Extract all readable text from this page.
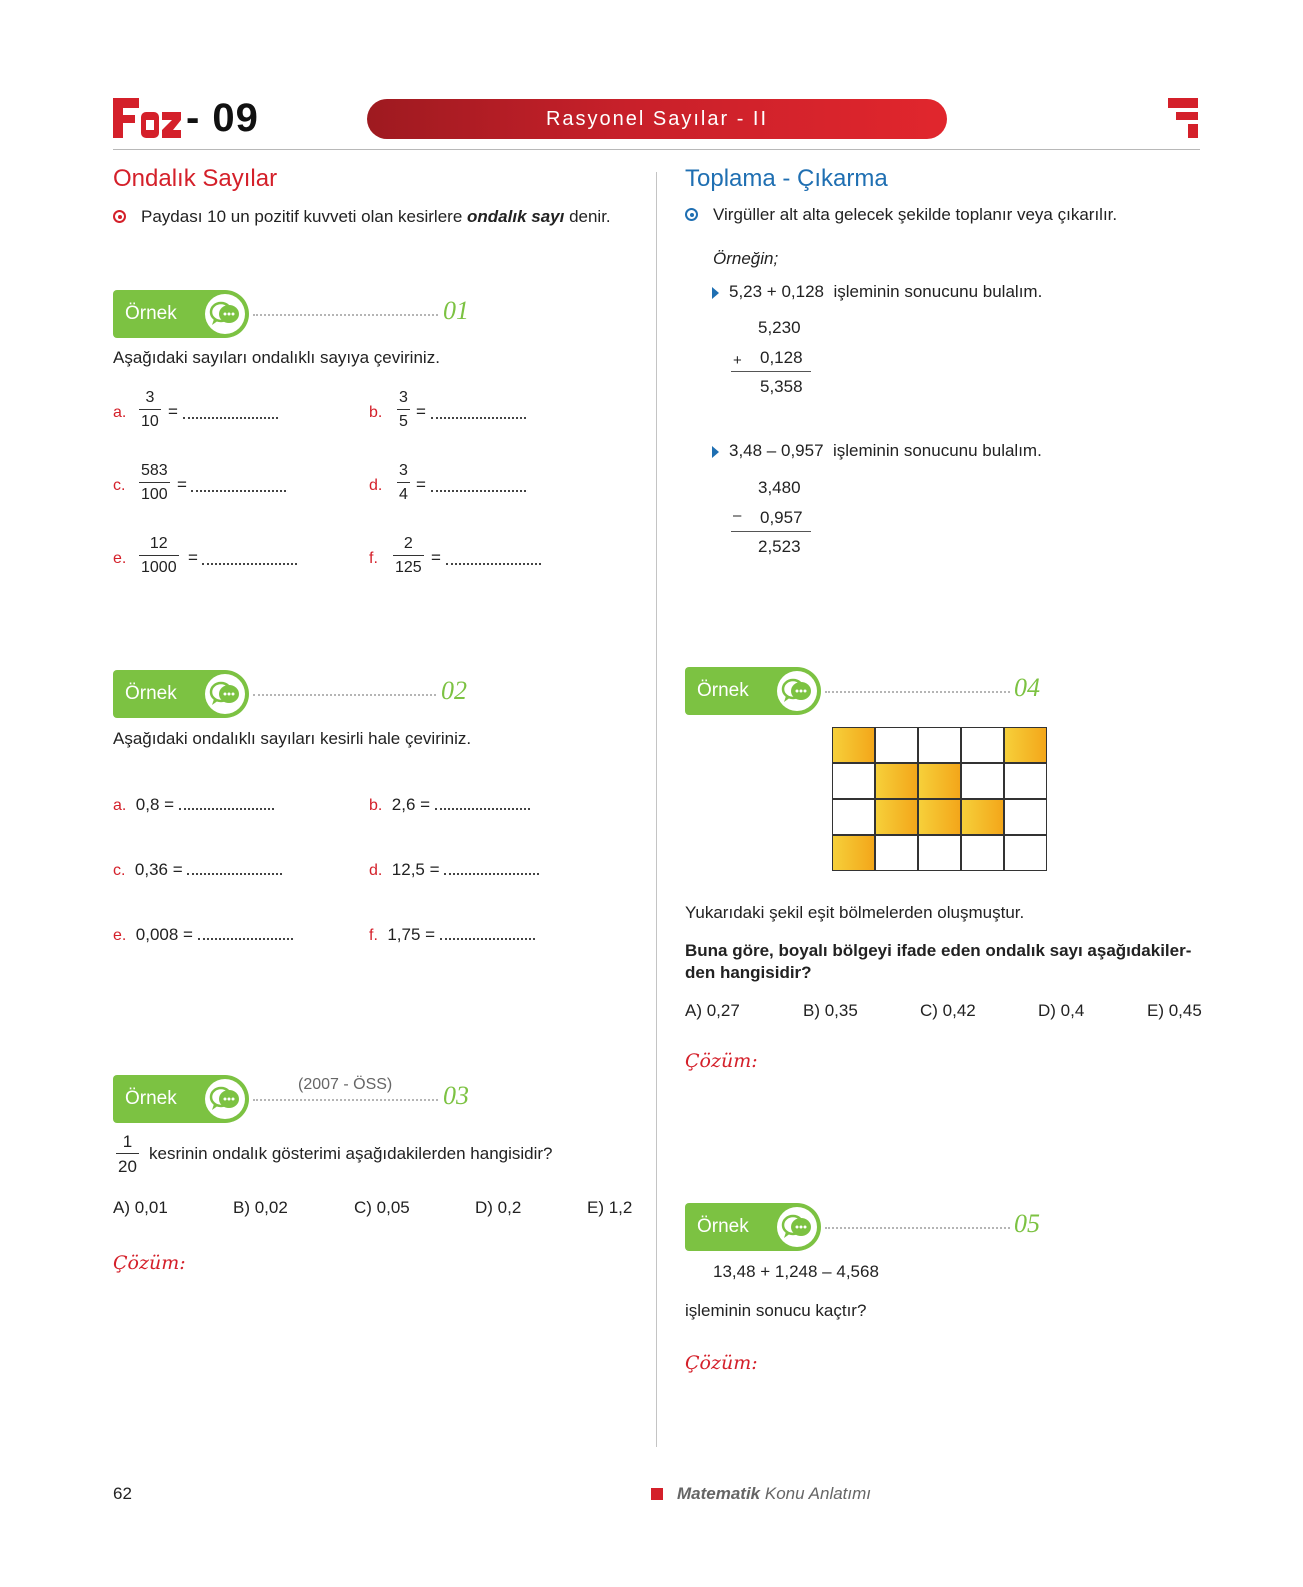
- 09	Rasyonel Sayılar - II
Ondalık Sayılar
Paydası 10 un pozitif kuvveti olan kesirlere ondalık sayı denir.
Örnek	01
Aşağıdaki sayıları ondalıklı sayıya çeviriniz.
a. $\frac{3}{10}$ =	b. $\frac{3}{5}$ =
c. $\frac{583}{100}$ =	d. $\frac{3}{4}$ =
e. $\frac{12}{1000}$ =	f. $\frac{2}{125}$ =
Örnek	02
Aşağıdaki ondalıklı sayıları kesirli hale çeviriniz.
a. 0,8 =	b. 2,6 =
c. 0,36 =	d. 12,5 =
e. 0,008 =	f. 1,75 =
Örnek
(2007 - ÖSS) 03
$\frac{1}{20}$ kesrinin ondalık gösterimi aşağıdakilerden hangisidir?
A) 0,01	B) 0,02	C) 0,05	D) 0,2	E) 1,2
Çözüm:
Toplama - Çıkarma
Virgüller alt alta gelecek şekilde toplanır veya çıkarılır.
Örneğin;
5,23 + 0,128 işleminin sonucunu bulalım.
5,230
+ 0,128
5,358
3,48 – 0,957 işleminin sonucunu bulalım.
3,480
– 0,957
2,523
Örnek	04
Yukarıdaki şekil eşit bölmelerden oluşmuştur.
Buna göre, boyalı bölgeyi ifade eden ondalık sayı aşağıdakiler-
den hangisidir?
A) 0,27	B) 0,35	C) 0,42	D) 0,4	E) 0,45
Çözüm:
Örnek	05
13,48 + 1,248 – 4,568
işleminin sonucu kaçtır?
Çözüm:
62	Matematik Konu Anlatımı
